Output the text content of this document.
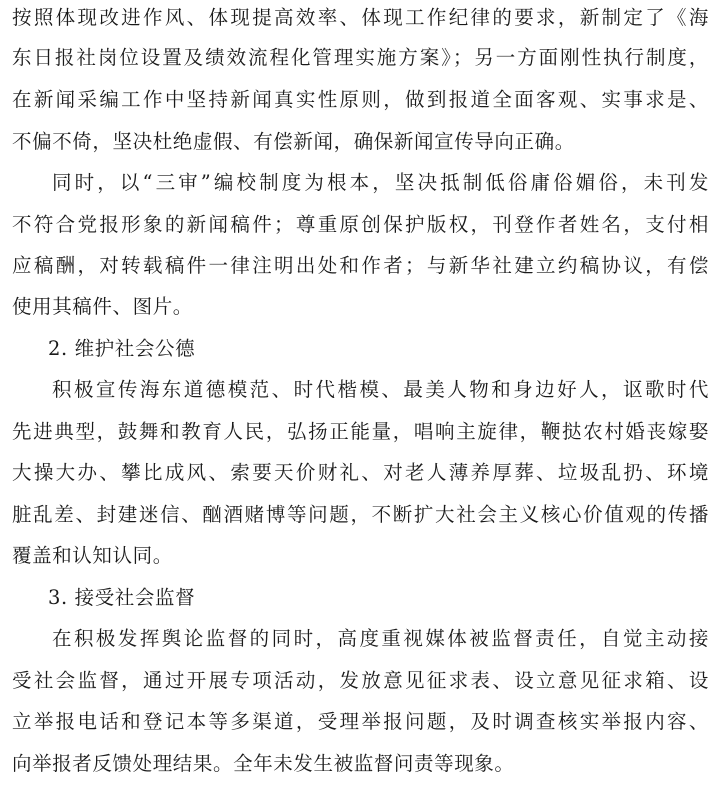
按照体现改进作风、体现提高效率、体现工作纪律的要求，新制定了《海
东日报社岗位设置及绩效流程化管理实施方案》；另一方面刚性执行制度，
在新闻采编工作中坚持新闻真实性原则，做到报道全面客观、实事求是、
不偏不倚，坚决杜绝虚假、有偿新闻，确保新闻宣传导向正确。
同时，以“三审”编校制度为根本，坚决抵制低俗庸俗媚俗，未刊发
不符合党报形象的新闻稿件；尊重原创保护版权，刊登作者姓名，支付相
应稿酬，对转载稿件一律注明出处和作者；与新华社建立约稿协议，有偿
使用其稿件、图片。
2. 维护社会公德
积极宣传海东道德模范、时代楷模、最美人物和身边好人，讴歌时代
先进典型，鼓舞和教育人民，弘扬正能量，唱响主旋律，鞭挞农村婚丧嫁娶
大操大办、攀比成风、索要天价财礼、对老人薄养厚葬、垃圾乱扔、环境
脏乱差、封建迷信、酗酒赌博等问题，不断扩大社会主义核心价值观的传播
覆盖和认知认同。
3. 接受社会监督
在积极发挥舆论监督的同时，高度重视媒体被监督责任，自觉主动接
受社会监督，通过开展专项活动，发放意见征求表、设立意见征求箱、设
立举报电话和登记本等多渠道，受理举报问题，及时调查核实举报内容、
向举报者反馈处理结果。全年未发生被监督问责等现象。
